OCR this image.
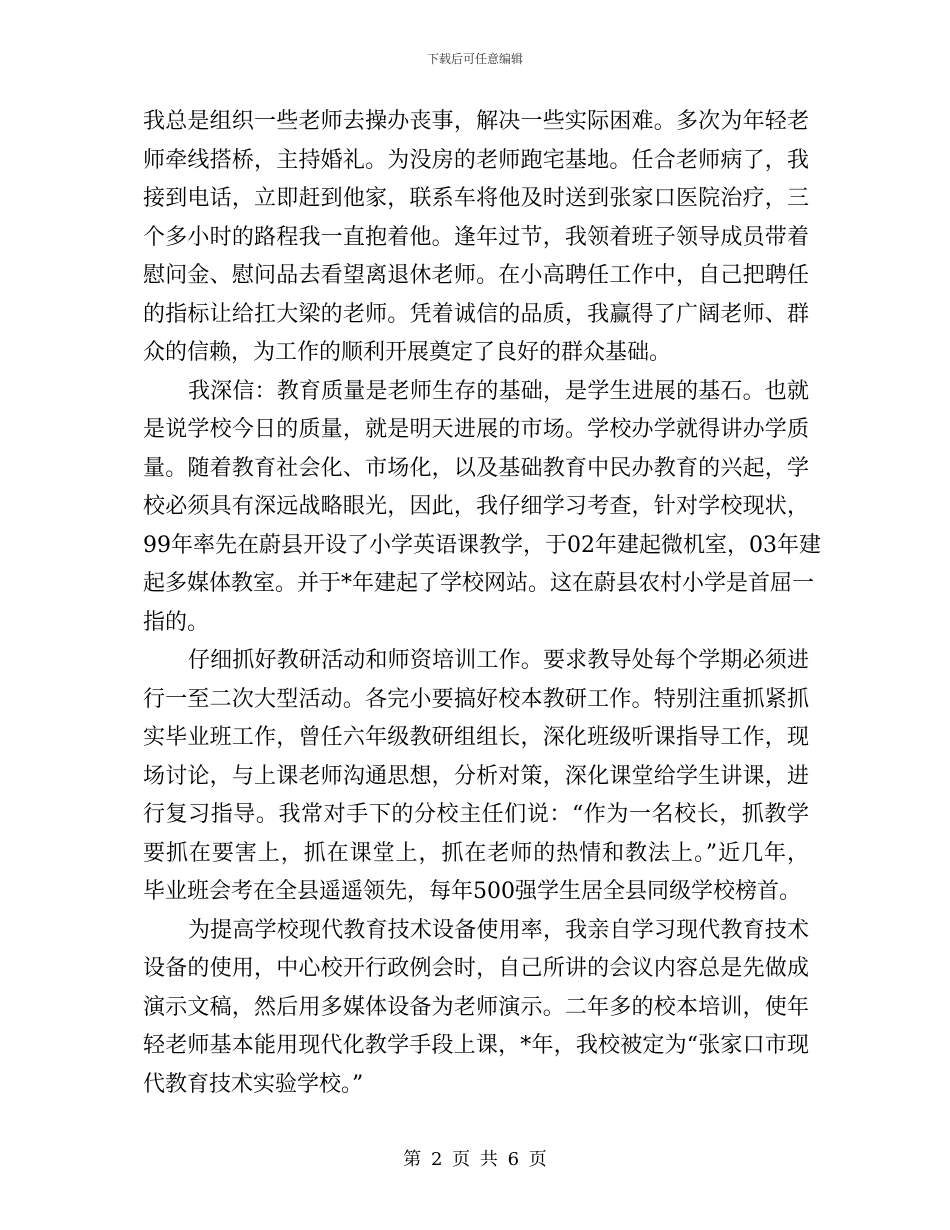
下载后可任意编辑

我总是组织一些老师去操办丧事，解决一些实际困难。多次为年轻老
师牵线搭桥，主持婚礼。为没房的老师跑宅基地。任合老师病了，我
接到电话，立即赶到他家，联系车将他及时送到张家口医院治疗，三
个多小时的路程我一直抱着他。逢年过节，我领着班子领导成员带着
慰问金、慰问品去看望离退休老师。在小高聘任工作中，自己把聘任
的指标让给扛大梁的老师。凭着诚信的品质，我赢得了广阔老师、群
众的信赖，为工作的顺利开展奠定了良好的群众基础。

我深信：教育质量是老师生存的基础，是学生进展的基石。也就
是说学校今日的质量，就是明天进展的市场。学校办学就得讲办学质
量。随着教育社会化、市场化，以及基础教育中民办教育的兴起，学
校必须具有深远战略眼光，因此，我仔细学习考查，针对学校现状，
99年率先在蔚县开设了小学英语课教学，于02年建起微机室，03年建
起多媒体教室。并于*年建起了学校网站。这在蔚县农村小学是首屈一
指的。

仔细抓好教研活动和师资培训工作。要求教导处每个学期必须进
行一至二次大型活动。各完小要搞好校本教研工作。特别注重抓紧抓
实毕业班工作，曾任六年级教研组组长，深化班级听课指导工作，现
场讨论，与上课老师沟通思想，分析对策，深化课堂给学生讲课，进
行复习指导。我常对手下的分校主任们说：“作为一名校长，抓教学
要抓在要害上，抓在课堂上，抓在老师的热情和教法上。”近几年，
毕业班会考在全县遥遥领先，每年500强学生居全县同级学校榜首。

为提高学校现代教育技术设备使用率，我亲自学习现代教育技术
设备的使用，中心校开行政例会时，自己所讲的会议内容总是先做成
演示文稿，然后用多媒体设备为老师演示。二年多的校本培训，使年
轻老师基本能用现代化教学手段上课，*年，我校被定为“张家口市现
代教育技术实验学校。”

第 2 页 共 6 页
